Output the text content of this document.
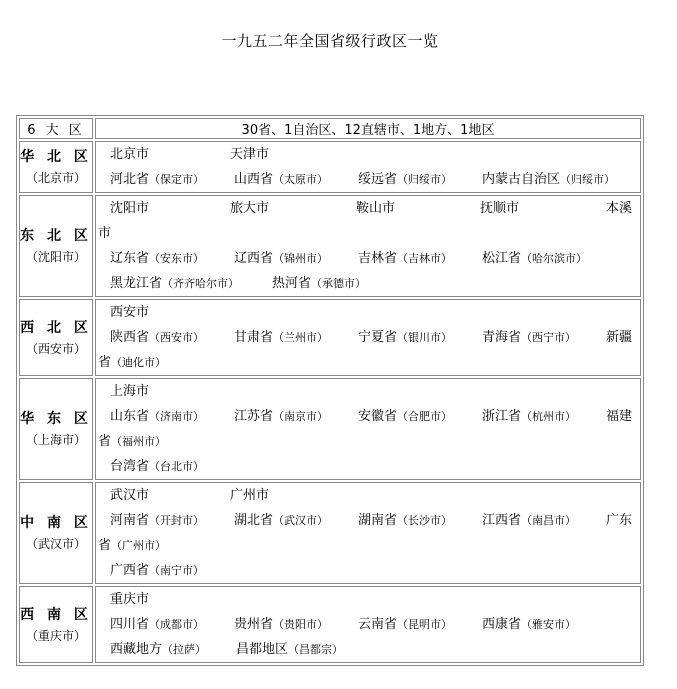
一九五二年全国省级行政区一览
6 大 区	30省、1自治区、12直辖市、1地方、1地区

华 北 区
（北京市）	北京市 天津市
河北省（保定市） 山西省（太原市） 绥远省（归绥市） 内蒙古自治区（归绥市）

东 北 区
（沈阳市）	沈阳市 旅大市 鞍山市 抚顺市 本溪
市
辽东省（安东市） 辽西省（锦州市） 吉林省（吉林市） 松江省（哈尔滨市）
黑龙江省（齐齐哈尔市） 热河省（承德市）

西 北 区
（西安市）	西安市
陕西省（西安市） 甘肃省（兰州市） 宁夏省（银川市） 青海省（西宁市） 新疆
省（迪化市）

华 东 区
（上海市）	上海市
山东省（济南市） 江苏省（南京市） 安徽省（合肥市） 浙江省（杭州市） 福建
省（福州市）
台湾省（台北市）

中 南 区
（武汉市）	武汉市 广州市
河南省（开封市） 湖北省（武汉市） 湖南省（长沙市） 江西省（南昌市） 广东
省（广州市）
广西省（南宁市）

西 南 区
（重庆市）	重庆市
四川省（成都市） 贵州省（贵阳市） 云南省（昆明市） 西康省（雅安市）
西藏地方（拉萨） 昌都地区（昌都宗）
